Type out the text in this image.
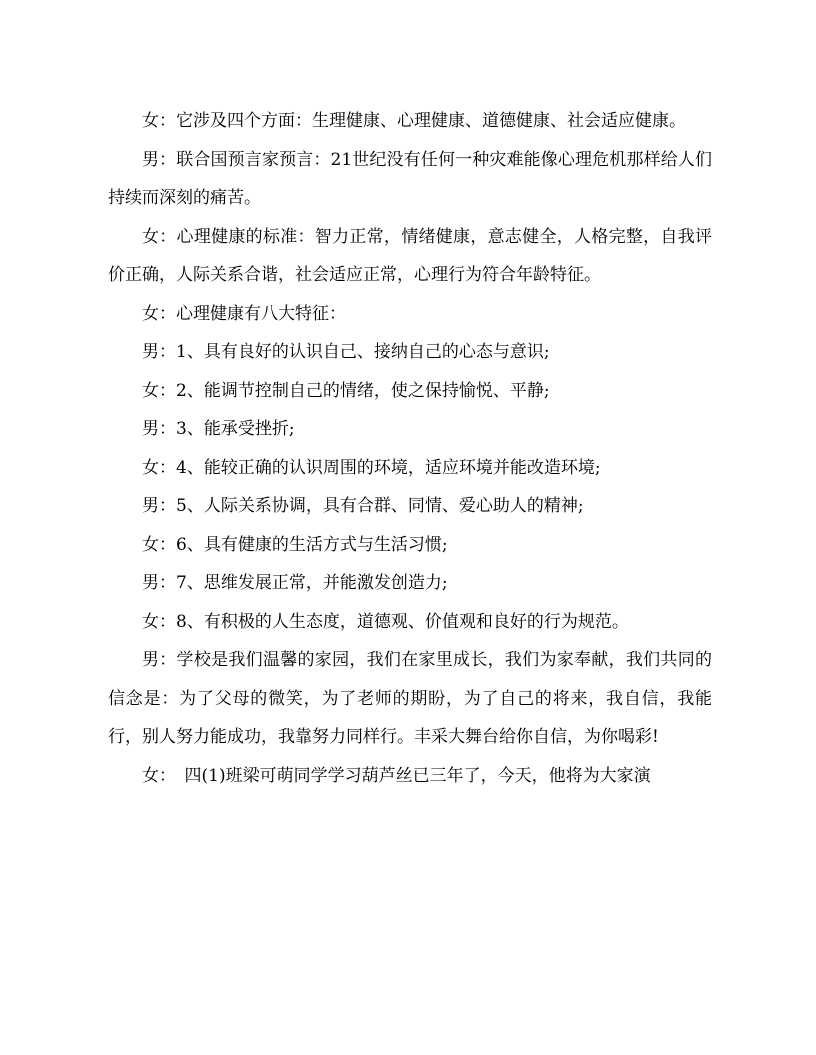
女：它涉及四个方面：生理健康、心理健康、道德健康、社会适应健康。

男：联合国预言家预言：21世纪没有任何一种灾难能像心理危机那样给人们持续而深刻的痛苦。

女：心理健康的标准：智力正常，情绪健康，意志健全，人格完整，自我评价正确，人际关系合谐，社会适应正常，心理行为符合年龄特征。

女：心理健康有八大特征：

男：1、具有良好的认识自己、接纳自己的心态与意识;

女：2、能调节控制自己的情绪，使之保持愉悦、平静;

男：3、能承受挫折;

女：4、能较正确的认识周围的环境，适应环境并能改造环境;

男：5、人际关系协调，具有合群、同情、爱心助人的精神;

女：6、具有健康的生活方式与生活习惯;

男：7、思维发展正常，并能激发创造力;

女：8、有积极的人生态度，道德观、价值观和良好的行为规范。

男：学校是我们温馨的家园，我们在家里成长，我们为家奉献，我们共同的信念是：为了父母的微笑，为了老师的期盼，为了自己的将来，我自信，我能行，别人努力能成功，我靠努力同样行。丰采大舞台给你自信，为你喝彩!

女：　四(1)班梁可萌同学学习葫芦丝已三年了，今天，他将为大家演
